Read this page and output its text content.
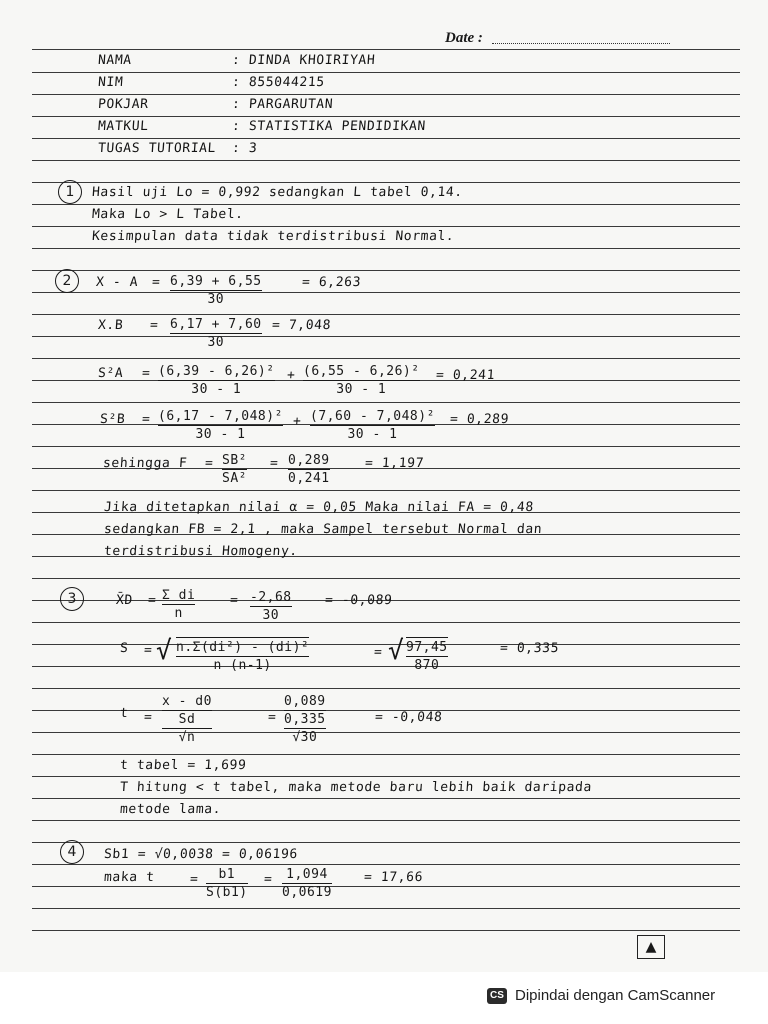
Date :
NAMA	: DINDA KHOIRIYAH
NIM	: 855044215
POKJAR	: PARGARUTAN
MATKUL	: STATISTIKA PENDIDIKAN
TUGAS TUTORIAL : 3
1	Hasil uji Lo = 0,992 sedangkan L tabel 0,14.
Maka Lo > L Tabel.
Kesimpulan data tidak terdistribusi Normal.
2	X - A = 6,39 + 6,55
30
= 6,263
X.B = 6,17 + 7,60
30
= 7,048
S²A = (6,39 - 6,26)²
30 - 1
+ (6,55 - 6,26)²
30 - 1
= 0,241
S²B = (6,17 - 7,048)²
30 - 1
+ (7,60 - 7,048)²
30 - 1
= 0,289
sehingga F = SB²
SA²
= 0,289
0,241
= 1,197
Jika ditetapkan nilai α = 0,05 Maka nilai FA = 0,48
sedangkan FB = 2,1 , maka Sampel tersebut Normal dan
terdistribusi Homogeny.
3	X̄D = Σ di
n
= -2,68
30
= -0,089
S = √ n.Σ(di²) - (di)²
n (n-1)
= √ 97,45
870
= 0,335
t =
x - d0
Sd
√n
=
0,089
0,335
√30
= -0,048
t tabel = 1,699
T hitung < t tabel, maka metode baru lebih baik daripada
metode lama.
4	Sb1 = √0,0038 = 0,06196
maka t	=	b1
S(b1)
=	1,094
0,0619
= 17,66
▲
CS Dipindai dengan CamScanner
